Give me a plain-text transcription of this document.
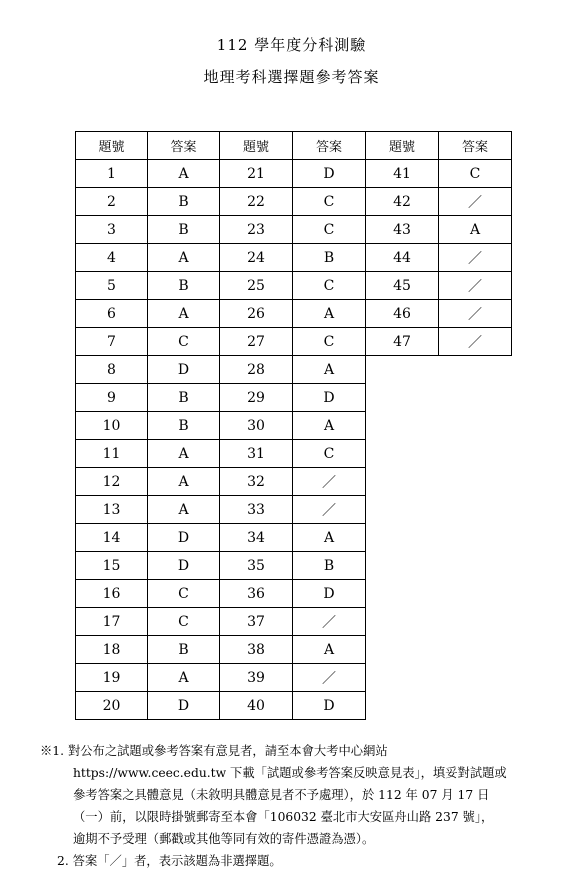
112 學年度分科測驗
地理考科選擇題參考答案
題號	答案	題號	答案	題號	答案
1	A	21	D	41	C
2	B	22	C	42	／
3	B	23	C	43	A
4	A	24	B	44	／
5	B	25	C	45	／
6	A	26	A	46	／
7	C	27	C	47	／
8	D	28	A		
9	B	29	D		
10	B	30	A		
11	A	31	C		
12	A	32	／		
13	A	33	／		
14	D	34	A		
15	D	35	B		
16	C	36	D		
17	C	37	／		
18	B	38	A		
19	A	39	／		
20	D	40	D		
※1. 對公布之試題或參考答案有意見者，請至本會大考中心網站
https://www.ceec.edu.tw 下載「試題或參考答案反映意見表」，填妥對試題或
參考答案之具體意見（未敘明具體意見者不予處理），於 112 年 07 月 17 日
（一）前，以限時掛號郵寄至本會「106032 臺北市大安區舟山路 237 號」，
逾期不予受理（郵戳或其他等同有效的寄件憑證為憑）。
2. 答案「／」者，表示該題為非選擇題。
